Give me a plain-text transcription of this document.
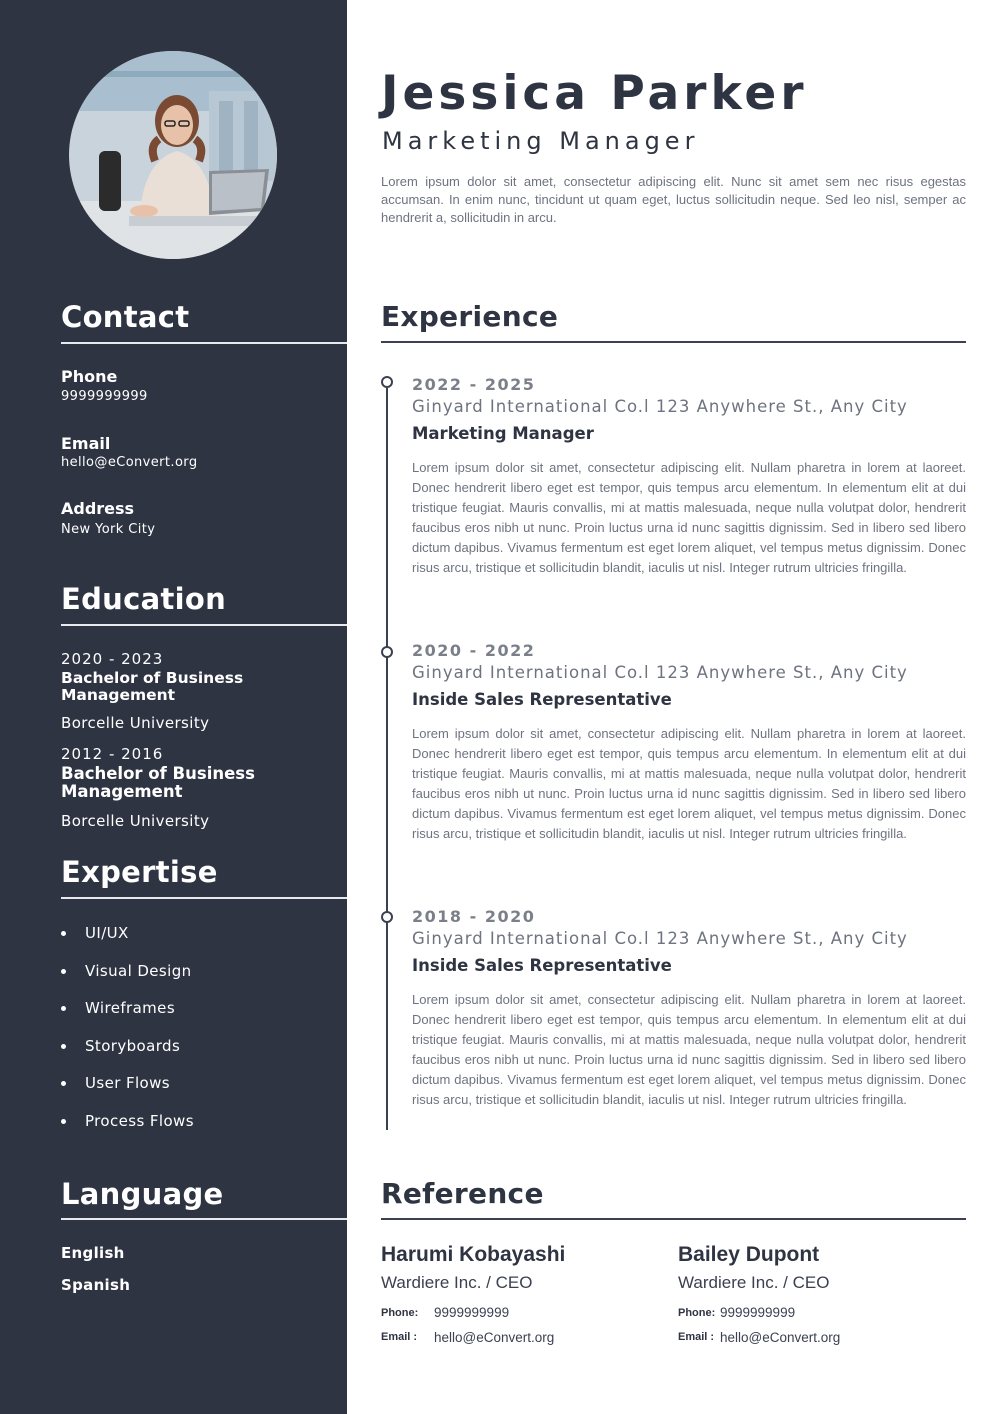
Contact
Phone
9999999999
Email
hello@eConvert.org
Address
New York City
Education
2020 - 2023
Bachelor of Business Management
Borcelle University
2012 - 2016
Bachelor of Business Management
Borcelle University
Expertise
UI/UX
Visual Design
Wireframes
Storyboards
User Flows
Process Flows
Language
English
Spanish
Jessica Parker
Marketing Manager
Lorem ipsum dolor sit amet, consectetur adipiscing elit. Nunc sit amet sem nec risus egestas accumsan. In enim nunc, tincidunt ut quam eget, luctus sollicitudin neque. Sed leo nisl, semper ac hendrerit a, sollicitudin in arcu.
Experience
2022 - 2025
Ginyard International Co.l 123 Anywhere St., Any City
Marketing Manager
Lorem ipsum dolor sit amet, consectetur adipiscing elit. Nullam pharetra in lorem at laoreet. Donec hendrerit libero eget est tempor, quis tempus arcu elementum. In elementum elit at dui tristique feugiat. Mauris convallis, mi at mattis malesuada, neque nulla volutpat dolor, hendrerit faucibus eros nibh ut nunc. Proin luctus urna id nunc sagittis dignissim. Sed in libero sed libero dictum dapibus. Vivamus fermentum est eget lorem aliquet, vel tempus metus dignissim. Donec risus arcu, tristique et sollicitudin blandit, iaculis ut nisl. Integer rutrum ultricies fringilla.
2020 - 2022
Ginyard International Co.l 123 Anywhere St., Any City
Inside Sales Representative
Lorem ipsum dolor sit amet, consectetur adipiscing elit. Nullam pharetra in lorem at laoreet. Donec hendrerit libero eget est tempor, quis tempus arcu elementum. In elementum elit at dui tristique feugiat. Mauris convallis, mi at mattis malesuada, neque nulla volutpat dolor, hendrerit faucibus eros nibh ut nunc. Proin luctus urna id nunc sagittis dignissim. Sed in libero sed libero dictum dapibus. Vivamus fermentum est eget lorem aliquet, vel tempus metus dignissim. Donec risus arcu, tristique et sollicitudin blandit, iaculis ut nisl. Integer rutrum ultricies fringilla.
2018 - 2020
Ginyard International Co.l 123 Anywhere St., Any City
Inside Sales Representative
Lorem ipsum dolor sit amet, consectetur adipiscing elit. Nullam pharetra in lorem at laoreet. Donec hendrerit libero eget est tempor, quis tempus arcu elementum. In elementum elit at dui tristique feugiat. Mauris convallis, mi at mattis malesuada, neque nulla volutpat dolor, hendrerit faucibus eros nibh ut nunc. Proin luctus urna id nunc sagittis dignissim. Sed in libero sed libero dictum dapibus. Vivamus fermentum est eget lorem aliquet, vel tempus metus dignissim. Donec risus arcu, tristique et sollicitudin blandit, iaculis ut nisl. Integer rutrum ultricies fringilla.
Reference
Harumi Kobayashi
Wardiere Inc. / CEO
Phone: 9999999999
Email : hello@eConvert.org
Bailey Dupont
Wardiere Inc. / CEO
Phone: 9999999999
Email : hello@eConvert.org
